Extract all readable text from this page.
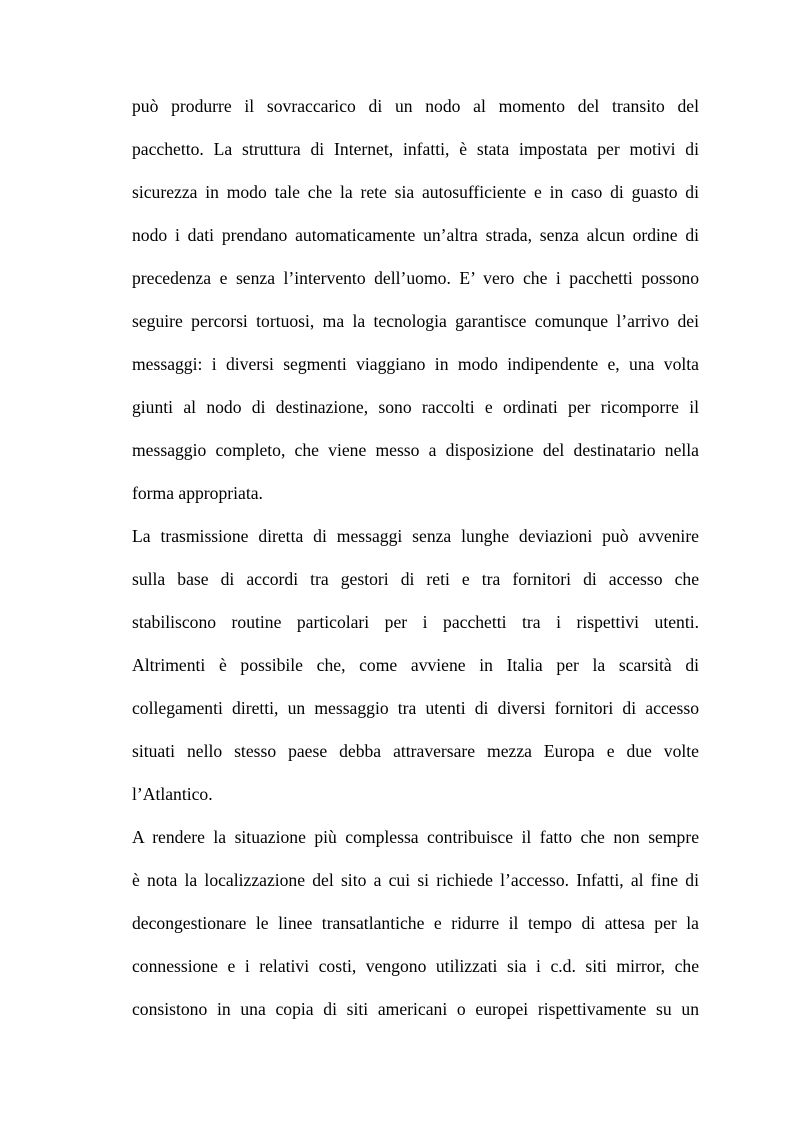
può produrre il sovraccarico di un nodo al momento del transito del
pacchetto. La struttura di Internet, infatti, è stata impostata per motivi di
sicurezza in modo tale che la rete sia autosufficiente e in caso di guasto di
nodo i dati prendano automaticamente un’altra strada, senza alcun ordine di
precedenza e senza l’intervento dell’uomo. E’ vero che i pacchetti possono
seguire percorsi tortuosi, ma la tecnologia garantisce comunque l’arrivo dei
messaggi: i diversi segmenti viaggiano in modo indipendente e, una volta
giunti al nodo di destinazione, sono raccolti e ordinati per ricomporre il
messaggio completo, che viene messo a disposizione del destinatario nella
forma appropriata.
La trasmissione diretta di messaggi senza lunghe deviazioni può avvenire
sulla base di accordi tra gestori di reti e tra fornitori di accesso che
stabiliscono routine particolari per i pacchetti tra i rispettivi utenti.
Altrimenti è possibile che, come avviene in Italia per la scarsità di
collegamenti diretti, un messaggio tra utenti di diversi fornitori di accesso
situati nello stesso paese debba attraversare mezza Europa e due volte
l’Atlantico.
A rendere la situazione più complessa contribuisce il fatto che non sempre
è nota la localizzazione del sito a cui si richiede l’accesso. Infatti, al fine di
decongestionare le linee transatlantiche e ridurre il tempo di attesa per la
connessione e i relativi costi, vengono utilizzati sia i c.d. siti mirror, che
consistono in una copia di siti americani o europei rispettivamente su un
